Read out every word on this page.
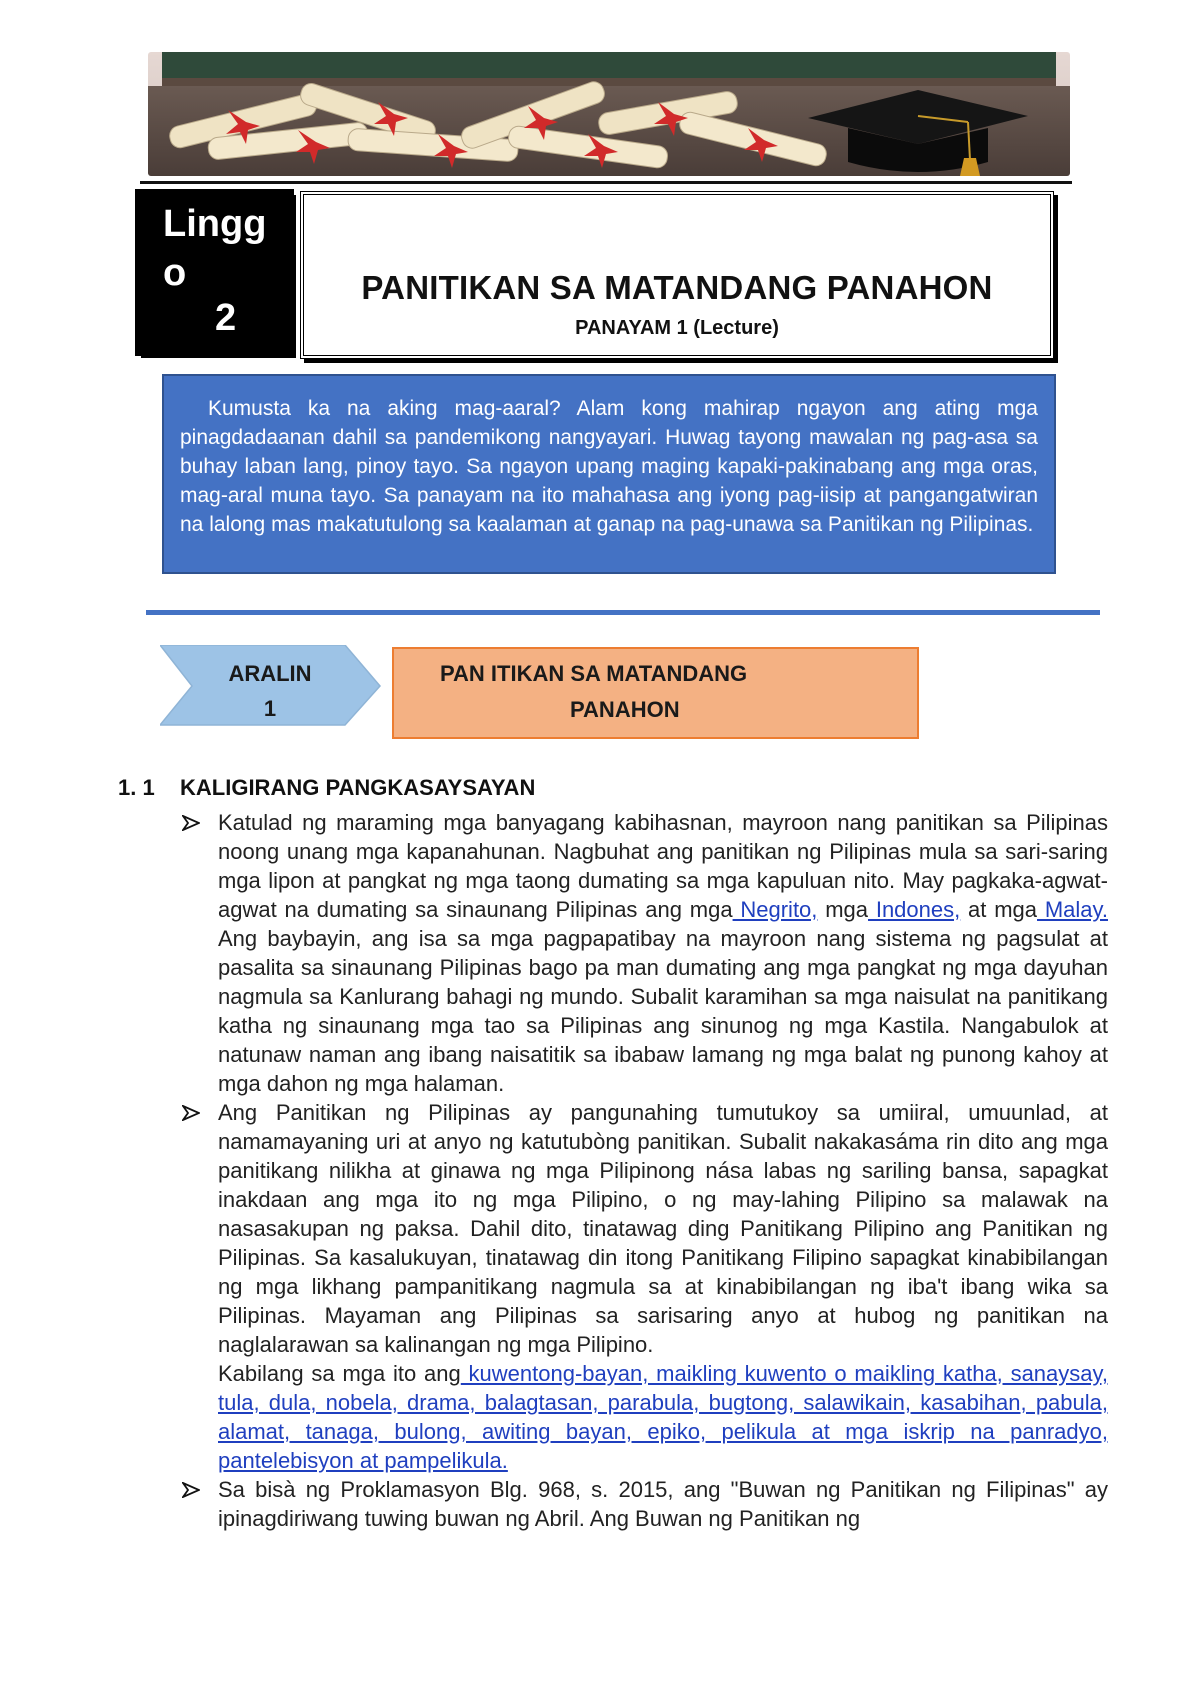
Lingg o
2
PANITIKAN SA MATANDANG PANAHON
PANAYAM 1 (Lecture)

Kumusta ka na aking mag-aaral? Alam kong mahirap ngayon ang ating mga pinagdadaanan dahil sa pandemikong nangyayari. Huwag tayong mawalan ng pag-asa sa buhay laban lang, pinoy tayo. Sa ngayon upang maging kapaki-pakinabang ang mga oras, mag-aral muna tayo. Sa panayam na ito mahahasa ang iyong pag-iisip at pangangatwiran na lalong mas makatutulong sa kaalaman at ganap na pag-unawa sa Panitikan ng Pilipinas.

ARALIN
1
PAN ITIKAN SA MATANDANG
PANAHON
1. 1 KALIGIRANG PANGKASAYSAYAN
Katulad ng maraming mga banyagang kabihasnan, mayroon nang panitikan sa Pilipinas noong unang mga kapanahunan. Nagbuhat ang panitikan ng Pilipinas mula sa sari-saring mga lipon at pangkat ng mga taong dumating sa mga kapuluan nito. May pagkaka-agwat-agwat na dumating sa sinaunang Pilipinas ang mga Negrito, mga Indones, at mga Malay. Ang baybayin, ang isa sa mga pagpapatibay na mayroon nang sistema ng pagsulat at pasalita sa sinaunang Pilipinas bago pa man dumating ang mga pangkat ng mga dayuhan nagmula sa Kanlurang bahagi ng mundo. Subalit karamihan sa mga naisulat na panitikang katha ng sinaunang mga tao sa Pilipinas ang sinunog ng mga Kastila. Nangabulok at natunaw naman ang ibang naisatitik sa ibabaw lamang ng mga balat ng punong kahoy at mga dahon ng mga halaman.
Ang Panitikan ng Pilipinas ay pangunahing tumutukoy sa umiiral, umuunlad, at namamayaning uri at anyo ng katutubòng panitikan. Subalit nakakasáma rin dito ang mga panitikang nilikha at ginawa ng mga Pilipinong nása labas ng sariling bansa, sapagkat inakdaan ang mga ito ng mga Pilipino, o ng may-lahing Pilipino sa malawak na nasasakupan ng paksa. Dahil dito, tinatawag ding Panitikang Pilipino ang Panitikan ng Pilipinas. Sa kasalukuyan, tinatawag din itong Panitikang Filipino sapagkat kinabibilangan ng mga likhang pampanitikang nagmula sa at kinabibilangan ng iba't ibang wika sa Pilipinas. Mayaman ang Pilipinas sa sarisaring anyo at hubog ng panitikan na naglalarawan sa kalinangan ng mga Pilipino.
Kabilang sa mga ito ang kuwentong-bayan, maikling kuwento o maikling katha, sanaysay, tula, dula, nobela, drama, balagtasan, parabula, bugtong, salawikain, kasabihan, pabula, alamat, tanaga, bulong, awiting bayan, epiko, pelikula at mga iskrip na panradyo, pantelebisyon at pampelikula.
Sa bisà ng Proklamasyon Blg. 968, s. 2015, ang "Buwan ng Panitikan ng Filipinas" ay ipinagdiriwang tuwing buwan ng Abril. Ang Buwan ng Panitikan ng
